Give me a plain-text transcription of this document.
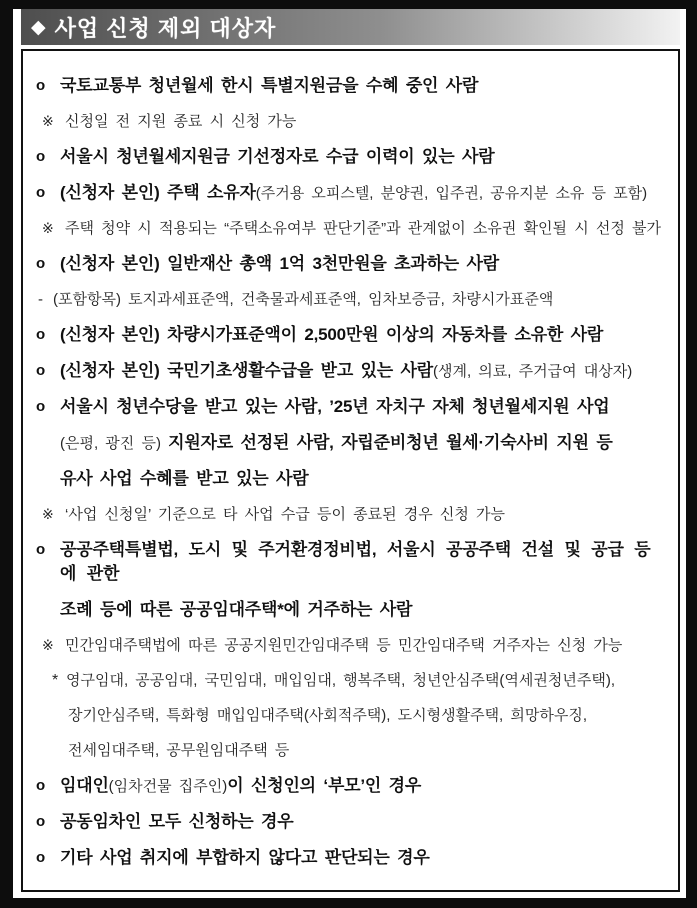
◆ 사업 신청 제외 대상자
o 국토교통부 청년월세 한시 특별지원금을 수혜 중인 사람
※ 신청일 전 지원 종료 시 신청 가능
o 서울시 청년월세지원금 기선정자로 수급 이력이 있는 사람
o (신청자 본인) 주택 소유자(주거용 오피스텔, 분양권, 입주권, 공유지분 소유 등 포함)
※ 주택 청약 시 적용되는 “주택소유여부 판단기준”과 관계없이 소유권 확인될 시 선정 불가
o (신청자 본인) 일반재산 총액 1억 3천만원을 초과하는 사람
- (포함항목) 토지과세표준액, 건축물과세표준액, 임차보증금, 차량시가표준액
o (신청자 본인) 차량시가표준액이 2,500만원 이상의 자동차를 소유한 사람
o (신청자 본인) 국민기초생활수급을 받고 있는 사람(생계, 의료, 주거급여 대상자)
o 서울시 청년수당을 받고 있는 사람, ’25년 자치구 자체 청년월세지원 사업
(은평, 광진 등) 지원자로 선정된 사람, 자립준비청년 월세·기숙사비 지원 등
유사 사업 수혜를 받고 있는 사람
※ ‘사업 신청일’ 기준으로 타 사업 수급 등이 종료된 경우 신청 가능
o 공공주택특별법, 도시 및 주거환경정비법, 서울시 공공주택 건설 및 공급 등에 관한
조례 등에 따른 공공임대주택*에 거주하는 사람
※ 민간임대주택법에 따른 공공지원민간임대주택 등 민간임대주택 거주자는 신청 가능
* 영구임대, 공공임대, 국민임대, 매입임대, 행복주택, 청년안심주택(역세권청년주택),
장기안심주택, 특화형 매입임대주택(사회적주택), 도시형생활주택, 희망하우징,
전세임대주택, 공무원임대주택 등
o 임대인(임차건물 집주인)이 신청인의 ‘부모’인 경우
o 공동임차인 모두 신청하는 경우
o 기타 사업 취지에 부합하지 않다고 판단되는 경우
